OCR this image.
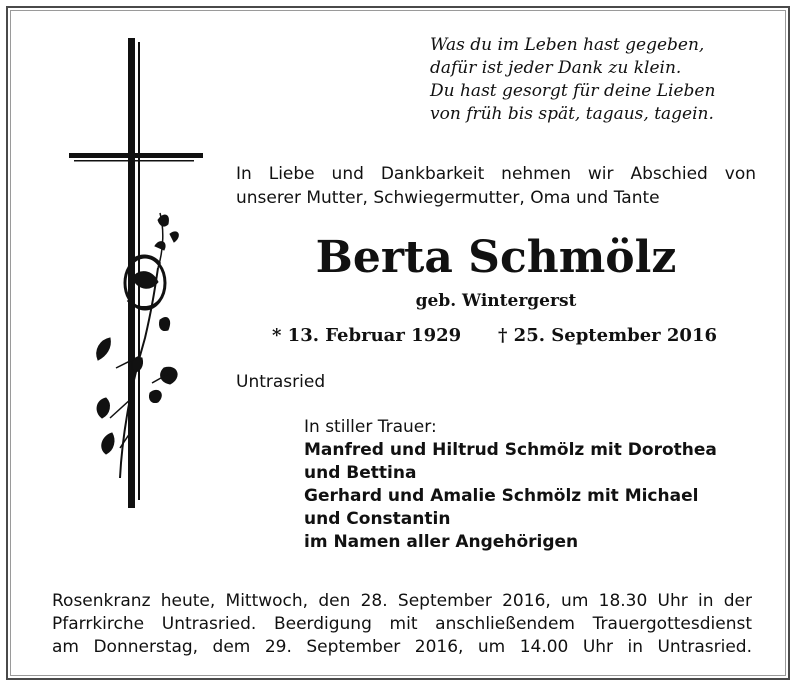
Was du im Leben hast gegeben,
dafür ist jeder Dank zu klein.
Du hast gesorgt für deine Lieben
von früh bis spät, tagaus, tagein.
In Liebe und Dankbarkeit nehmen wir Abschied von
unserer Mutter, Schwiegermutter, Oma und Tante
Berta Schmölz
geb. Wintergerst
* 13. Februar 1929 † 25. September 2016
Untrasried
In stiller Trauer:
Manfred und Hiltrud Schmölz mit Dorothea
und Bettina
Gerhard und Amalie Schmölz mit Michael
und Constantin
im Namen aller Angehörigen
Rosenkranz heute, Mittwoch, den 28. September 2016, um 18.30 Uhr in der
Pfarrkirche Untrasried. Beerdigung mit anschließendem Trauergottesdienst
am Donnerstag, dem 29. September 2016, um 14.00 Uhr in Untrasried.
